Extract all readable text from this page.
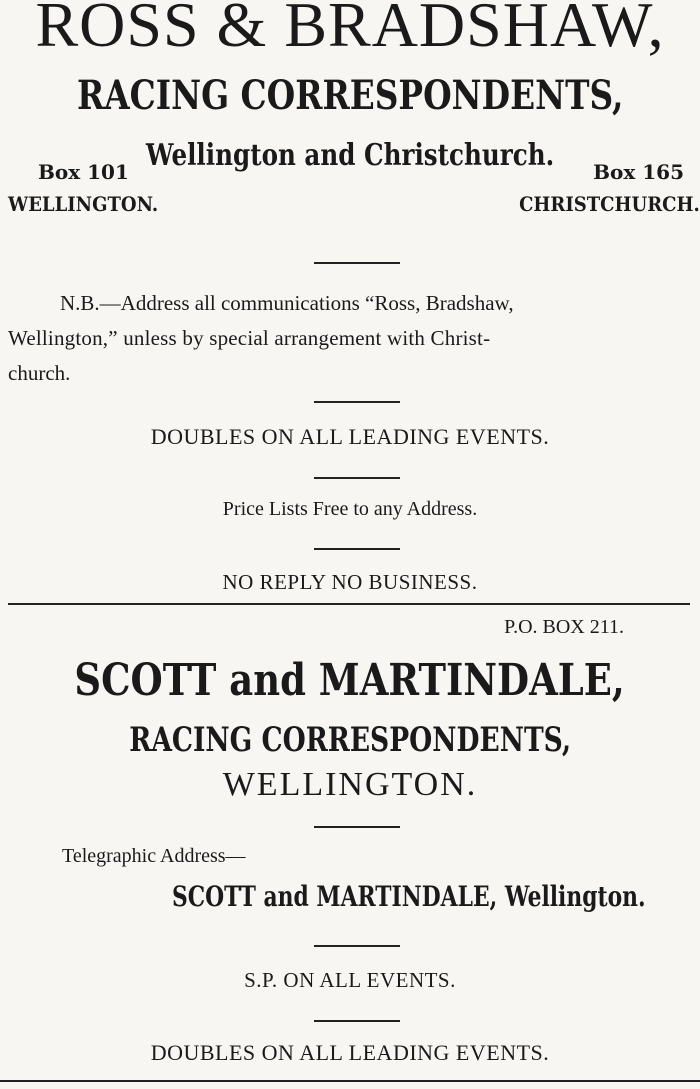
ROSS & BRADSHAW,
RACING CORRESPONDENTS,
Wellington and Christchurch.
Box 101
WELLINGTON.
Box 165
CHRISTCHURCH.
N.B.—Address all communications “Ross, Bradshaw,
Wellington,” unless by special arrangement with Christ-
church.
DOUBLES ON ALL LEADING EVENTS.
Price Lists Free to any Address.
NO REPLY NO BUSINESS.
P.O. BOX 211.
SCOTT and MARTINDALE,
RACING CORRESPONDENTS,
WELLINGTON.
Telegraphic Address—
SCOTT and MARTINDALE, Wellington.
S.P. ON ALL EVENTS.
DOUBLES ON ALL LEADING EVENTS.
